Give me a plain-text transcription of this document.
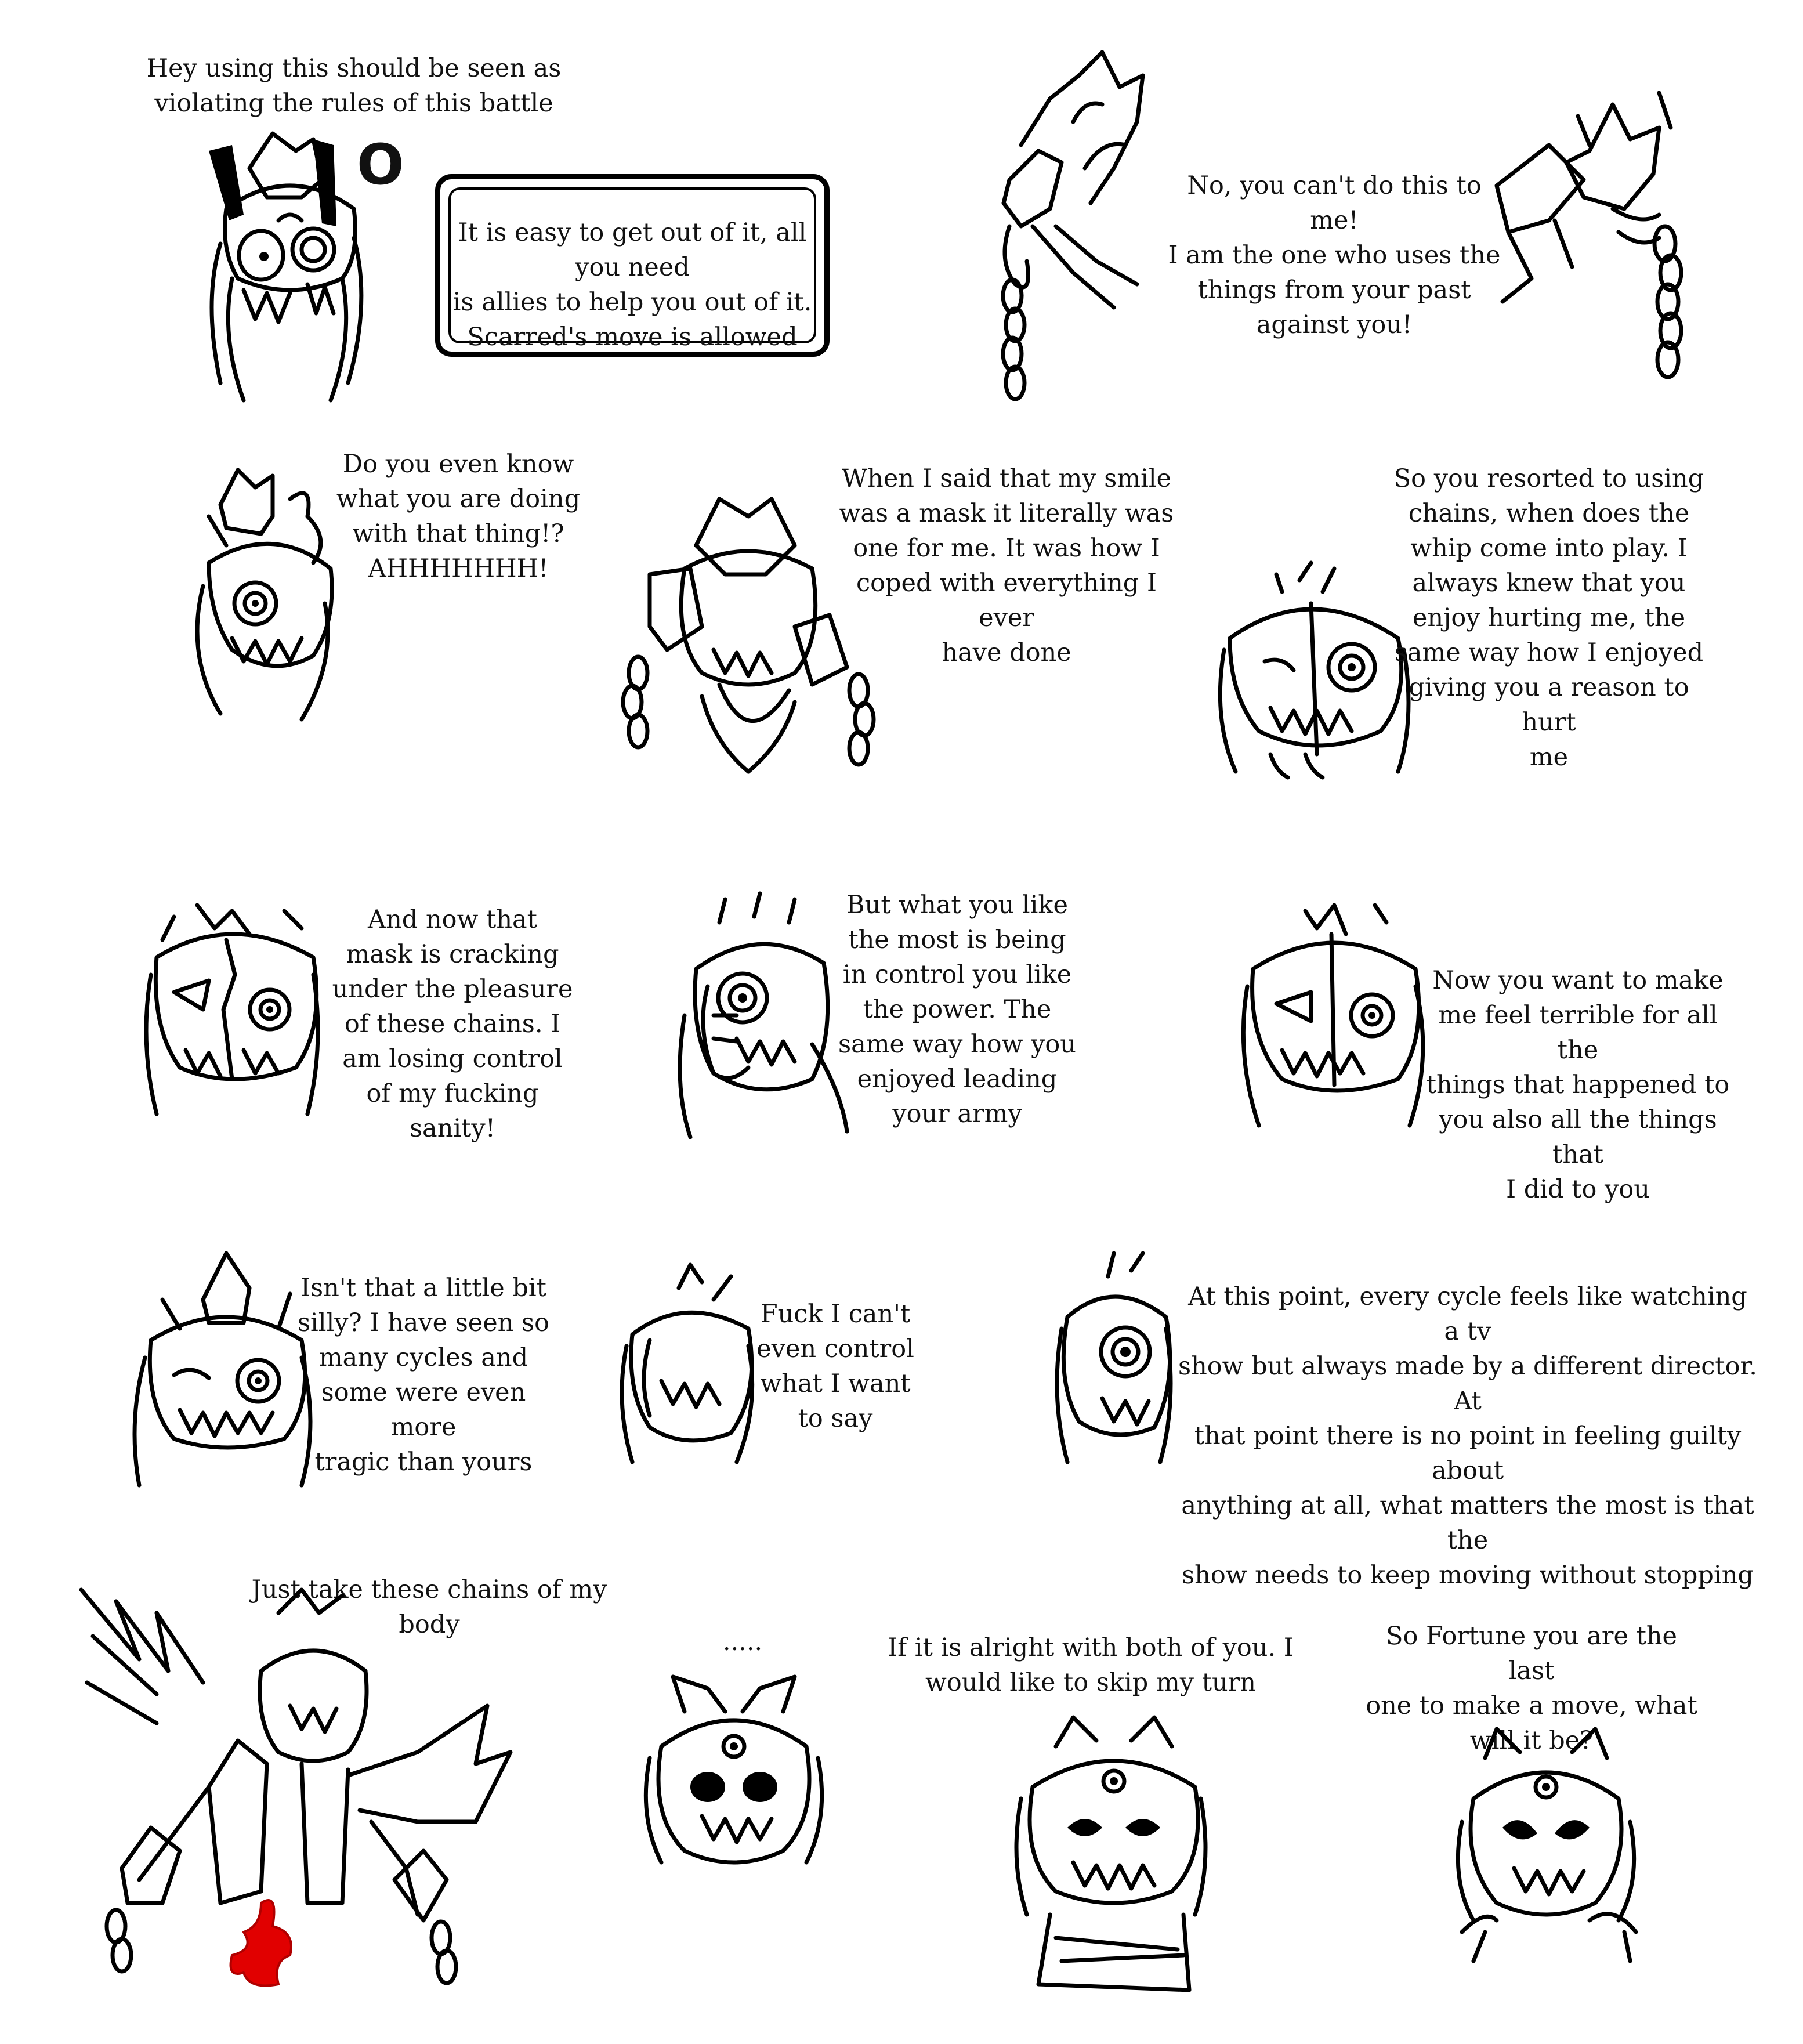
Hey using this should be seen as
violating the rules of this battle
O
It is easy to get out of it, all you need
is allies to help you out of it.
Scarred's move is allowed
No, you can't do this to me!
I am the one who uses the
things from your past
against you!
Do you even know
what you are doing
with that thing!?
AHHHHHHH!
When I said that my smile
was a mask it literally was
one for me. It was how I
coped with everything I ever
have done
So you resorted to using
chains, when does the
whip come into play. I
always knew that you
enjoy hurting me, the
same way how I enjoyed
giving you a reason to hurt
me
And now that
mask is cracking
under the pleasure
of these chains. I
am losing control
of my fucking
sanity!
But what you like
the most is being
in control you like
the power. The
same way how you
enjoyed leading
your army
Now you want to make
me feel terrible for all the
things that happened to
you also all the things that
I did to you
Isn't that a little bit
silly? I have seen so
many cycles and
some were even more
tragic than yours
Fuck I can't
even control
what I want
to say
At this point, every cycle feels like watching a tv
show but always made by a different director. At
that point there is no point in feeling guilty about
anything at all, what matters the most is that the
show needs to keep moving without stopping
Just take these chains of my body
.....	If it is alright with both of you. I
would like to skip my turn
So Fortune you are the last
one to make a move, what
will it be?
